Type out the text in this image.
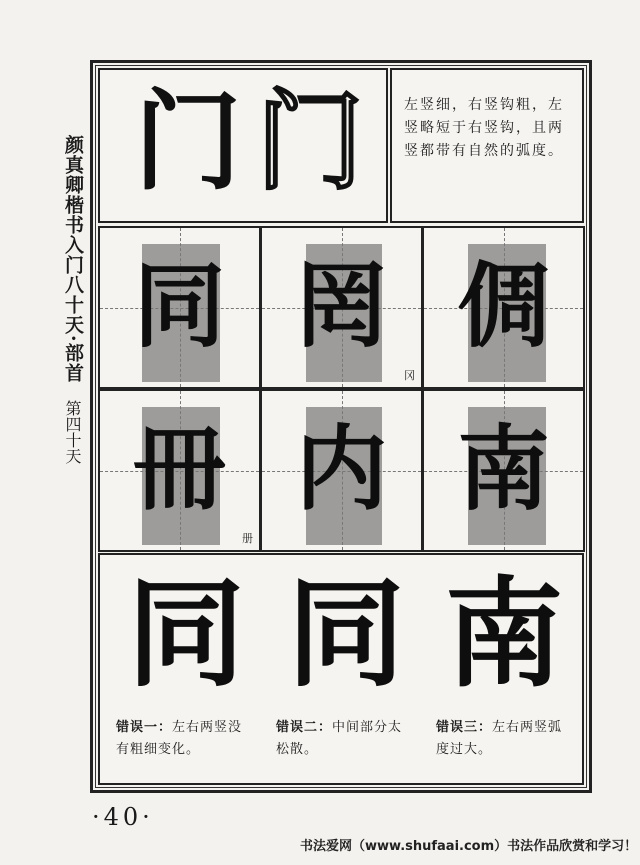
颜真卿楷书入门八十天·部首
第四十天
门 门	左竖细，右竖钩粗，左竖略短于右竖钩，且两竖都带有自然的弧度。
同 罔
冈
倜
冊
册
内 南
同 同 南
错误一：左右两竖没有粗细变化。
错误二：中间部分太松散。
错误三：左右两竖弧度过大。
·40·
书法爱网（www.shufaai.com）书法作品欣赏和学习！
